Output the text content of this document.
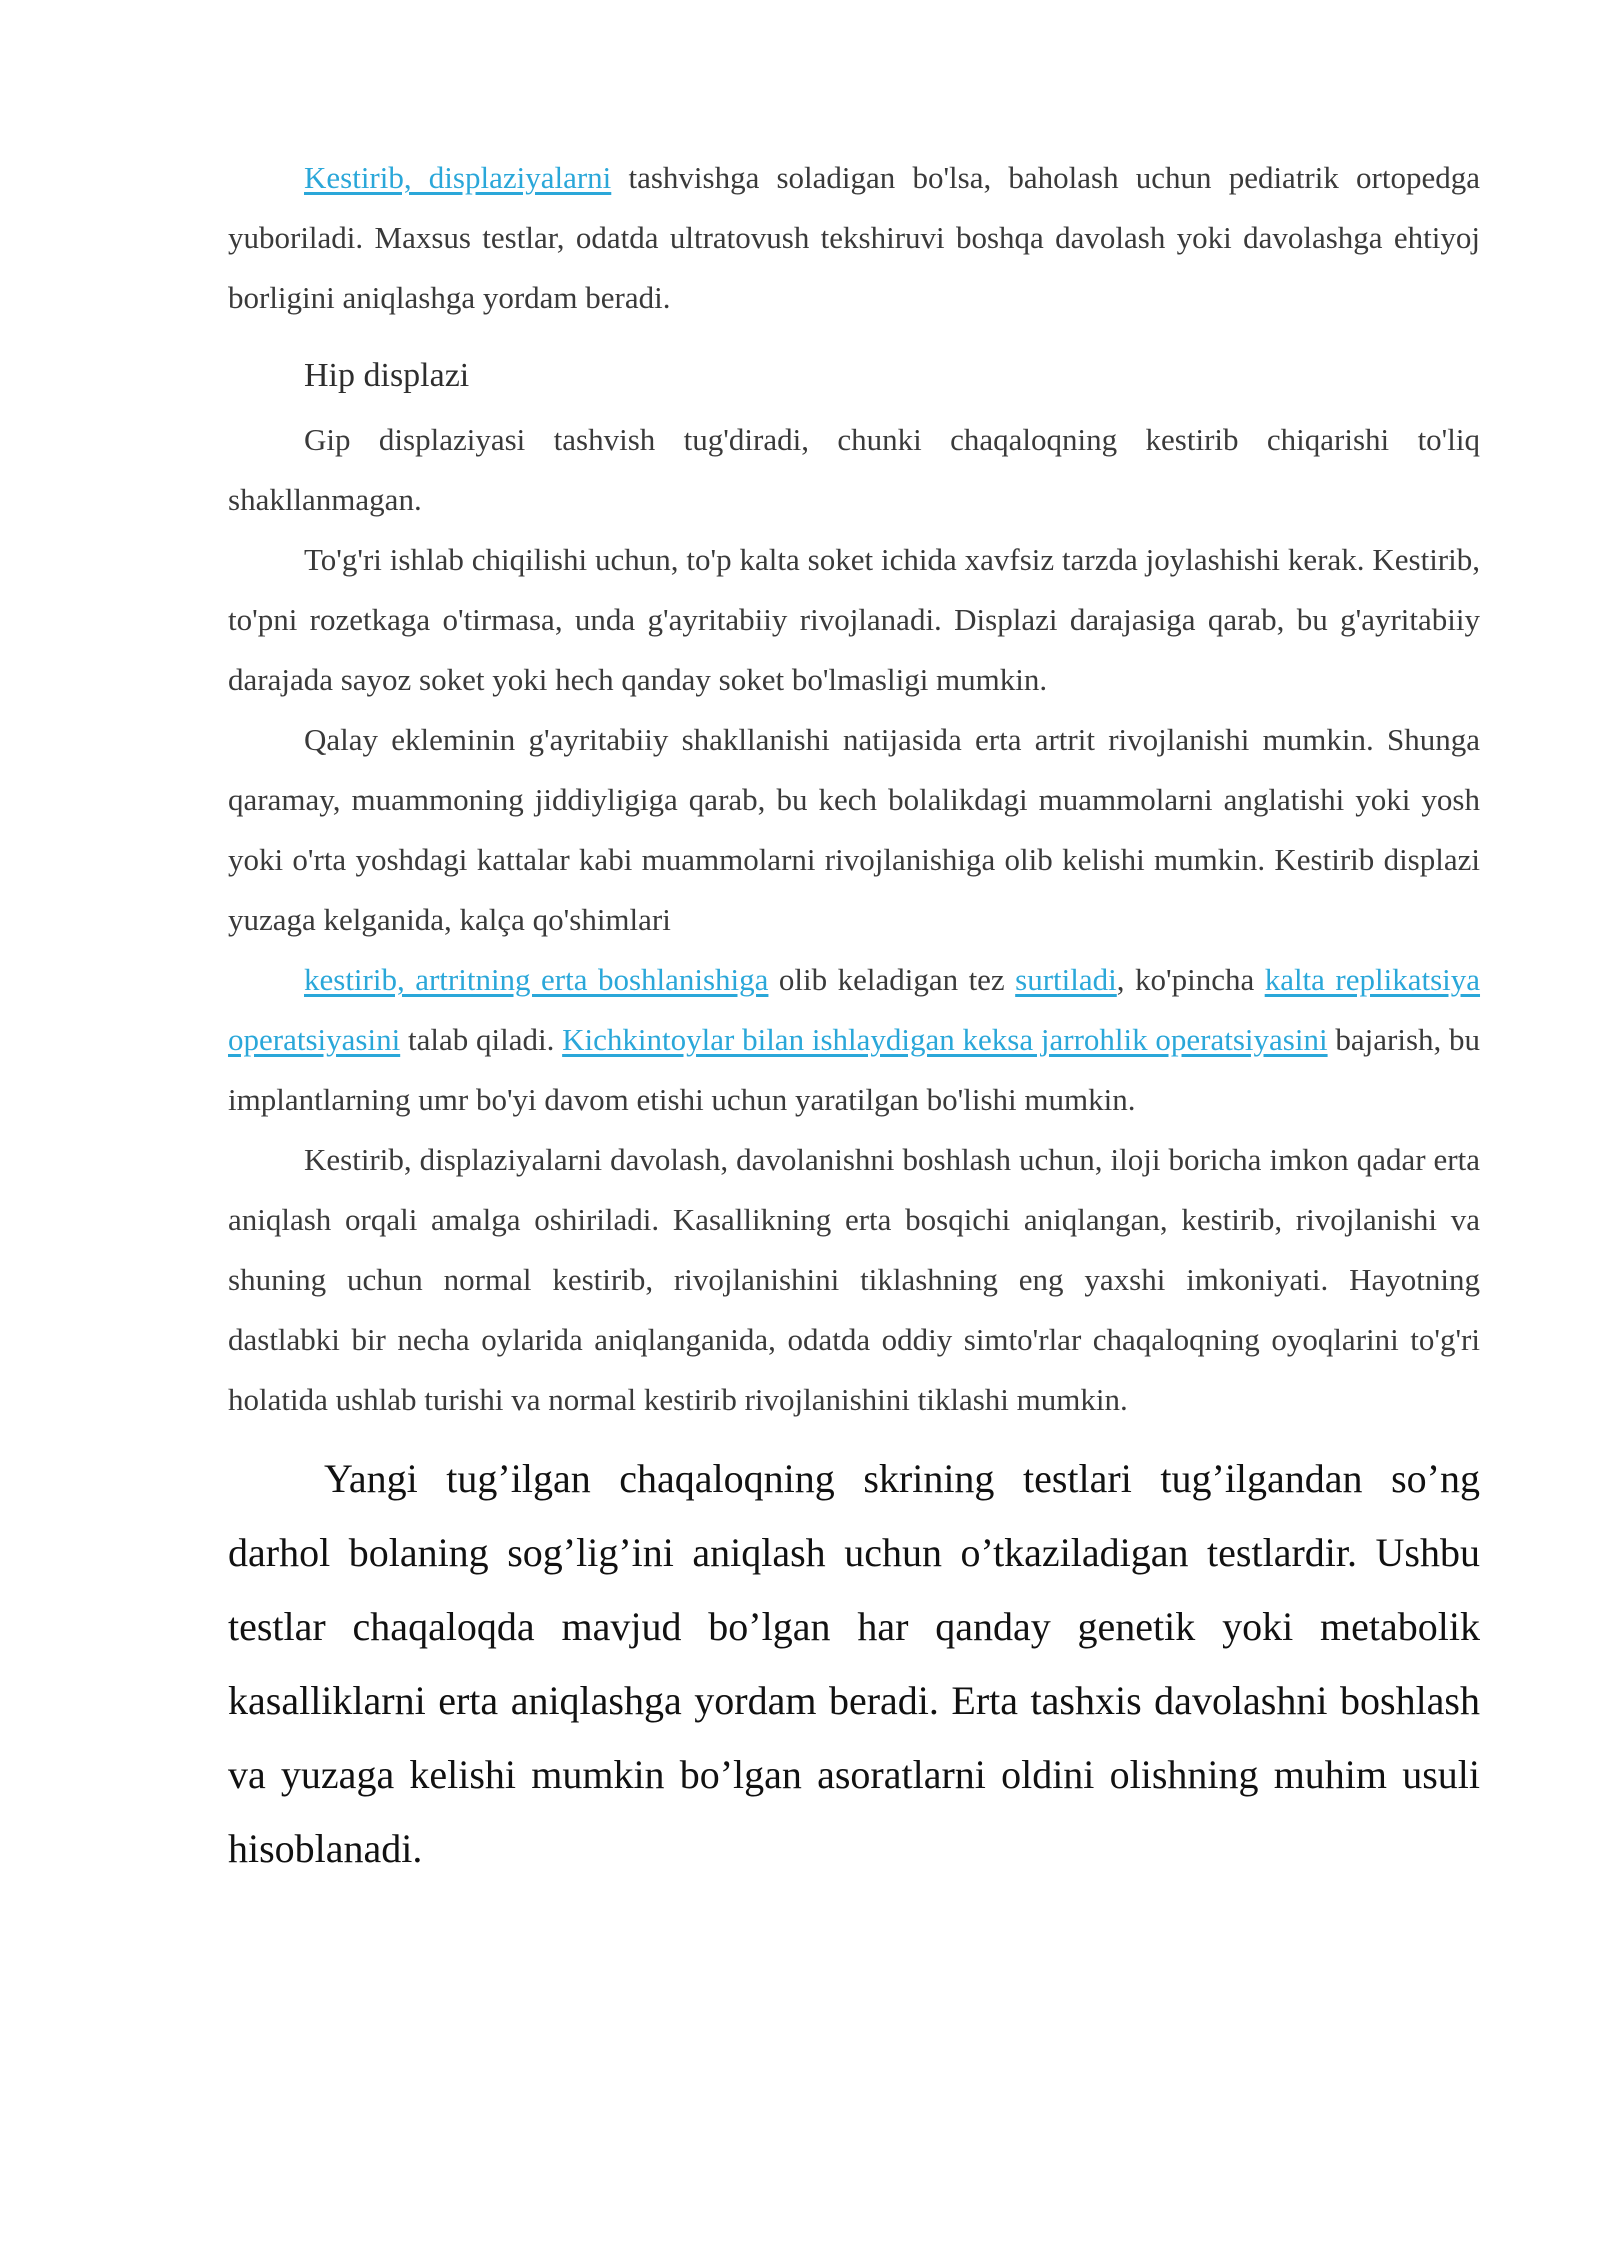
Kestirib, displaziyalarni tashvishga soladigan bo'lsa, baholash uchun pediatrik ortopedga yuboriladi. Maxsus testlar, odatda ultratovush tekshiruvi boshqa davolash yoki davolashga ehtiyoj borligini aniqlashga yordam beradi.

Hip displazi

Gip displaziyasi tashvish tug'diradi, chunki chaqaloqning kestirib chiqarishi to'liq shakllanmagan.

To'g'ri ishlab chiqilishi uchun, to'p kalta soket ichida xavfsiz tarzda joylashishi kerak. Kestirib, to'pni rozetkaga o'tirmasa, unda g'ayritabiiy rivojlanadi. Displazi darajasiga qarab, bu g'ayritabiiy darajada sayoz soket yoki hech qanday soket bo'lmasligi mumkin.

Qalay ekleminin g'ayritabiiy shakllanishi natijasida erta artrit rivojlanishi mumkin. Shunga qaramay, muammoning jiddiyligiga qarab, bu kech bolalikdagi muammolarni anglatishi yoki yosh yoki o'rta yoshdagi kattalar kabi muammolarni rivojlanishiga olib kelishi mumkin. Kestirib displazi yuzaga kelganida, kalça qo'shimlari

kestirib, artritning erta boshlanishiga olib keladigan tez surtiladi, ko'pincha kalta replikatsiya operatsiyasini talab qiladi. Kichkintoylar bilan ishlaydigan keksa jarrohlik operatsiyasini bajarish, bu implantlarning umr bo'yi davom etishi uchun yaratilgan bo'lishi mumkin.

Kestirib, displaziyalarni davolash, davolanishni boshlash uchun, iloji boricha imkon qadar erta aniqlash orqali amalga oshiriladi. Kasallikning erta bosqichi aniqlangan, kestirib, rivojlanishi va shuning uchun normal kestirib, rivojlanishini tiklashning eng yaxshi imkoniyati. Hayotning dastlabki bir necha oylarida aniqlanganida, odatda oddiy simto'rlar chaqaloqning oyoqlarini to'g'ri holatida ushlab turishi va normal kestirib rivojlanishini tiklashi mumkin.

Yangi tug’ilgan chaqaloqning skrining testlari tug’ilgandan so’ng darhol bolaning sog’lig’ini aniqlash uchun o’tkaziladigan testlardir. Ushbu testlar chaqaloqda mavjud bo’lgan har qanday genetik yoki metabolik kasalliklarni erta aniqlashga yordam beradi. Erta tashxis davolashni boshlash va yuzaga kelishi mumkin bo’lgan asoratlarni oldini olishning muhim usuli hisoblanadi.
